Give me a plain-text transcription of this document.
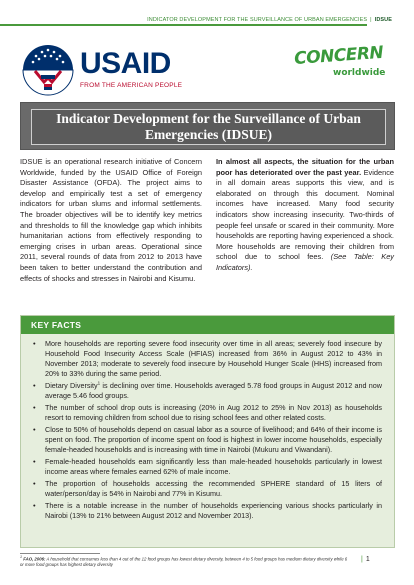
INDICATOR DEVELOPMENT FOR THE SURVEILLANCE OF URBAN EMERGENCIES | IDSUE
USAID
FROM THE AMERICAN PEOPLE
CONCERN
worldwide
Indicator Development for the Surveillance of Urban Emergencies (IDSUE)
IDSUE is an operational research initiative of Concern Worldwide, funded by the USAID Office of Foreign Disaster Assistance (OFDA). The project aims to develop and empirically test a set of emergency indicators for urban slums and informal settlements. The broader objectives will be to identify key metrics and thresholds to fill the knowledge gap which inhibits humanitarian actions from effectively responding to emerging crises in urban areas. Operational since 2011, several rounds of data from 2012 to 2013 have been taken to better understand the contribution and effects of shocks and stresses in Nairobi and Kisumu.
In almost all aspects, the situation for the urban poor has deteriorated over the past year. Evidence in all domain areas supports this view, and is elaborated on through this document. Nominal incomes have increased. Many food security indicators show increasing insecurity. Two-thirds of people feel unsafe or scared in their community. More households are reporting having experienced a shock. More households are removing their children from school due to school fees. (See Table: Key Indicators).
KEY FACTS
• More households are reporting severe food insecurity over time in all areas; severely food insecure by Household Food Insecurity Access Scale (HFIAS) increased from 36% in August 2012 to 43% in November 2013; moderate to severely food insecure by Household Hunger Scale (HHS) increased from 20% to 33% during the same period.
• Dietary Diversity$^1$ is declining over time. Households averaged 5.78 food groups in August 2012 and now average 5.46 food groups.
• The number of school drop outs is increasing (20% in Aug 2012 to 25% in Nov 2013) as households resort to removing children from school due to rising school fees and other related costs.
• Close to 50% of households depend on casual labor as a source of livelihood; and 64% of their income is spent on food. The proportion of income spent on food is highest in lower income households, especially female-headed households and is increasing with time in Nairobi (Mukuru and Viwandani).
• Female-headed households earn significantly less than male-headed households particularly in lowest income areas where females earned 62% of male income.
• The proportion of households accessing the recommended SPHERE standard of 15 liters of water/person/day is 54% in Nairobi and 77% in Kisumu.
• There is a notable increase in the number of households experiencing various shocks particularly in Nairobi (13% to 21% between August 2012 and November 2013).
$^1$ FAO, 2006: A household that consumes less than 4 out of the 12 food groups has lowest dietary diversity, between 4 to 5 food groups has medium dietary diversity while 6 or more food groups has highest dietary diversity
| 1
